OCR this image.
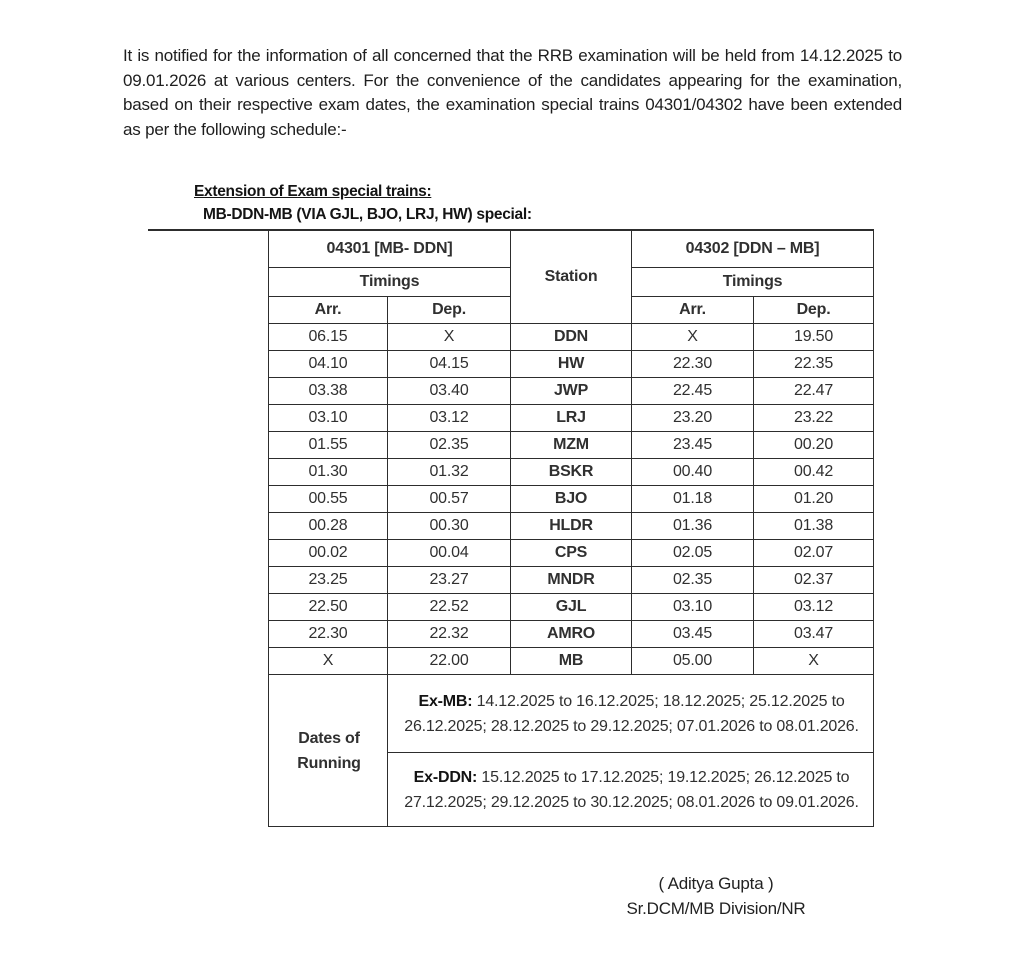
It is notified for the information of all concerned that the RRB examination will be held from 14.12.2025 to 09.01.2026 at various centers. For the convenience of the candidates appearing for the examination, based on their respective exam dates, the examination special trains 04301/04302 have been extended as per the following schedule:-

Extension of Exam special trains:
MB-DDN-MB (VIA GJL, BJO, LRJ, HW) special:
04301 [MB- DDN]		Station	04302 [DDN – MB]	
Timings			Timings	
Arr.	Dep.		Arr.	Dep.
06.15	X	DDN	X	19.50
04.10	04.15	HW	22.30	22.35
03.38	03.40	JWP	22.45	22.47
03.10	03.12	LRJ	23.20	23.22
01.55	02.35	MZM	23.45	00.20
01.30	01.32	BSKR	00.40	00.42
00.55	00.57	BJO	01.18	01.20
00.28	00.30	HLDR	01.36	01.38
00.02	00.04	CPS	02.05	02.07
23.25	23.27	MNDR	02.35	02.37
22.50	22.52	GJL	03.10	03.12
22.30	22.32	AMRO	03.45	03.47
X	22.00	MB	05.00	X
Dates of Running	Ex-MB: 14.12.2025 to 16.12.2025; 18.12.2025; 25.12.2025 to 26.12.2025; 28.12.2025 to 29.12.2025; 07.01.2026 to 08.01.2026.			
	Ex-DDN: 15.12.2025 to 17.12.2025; 19.12.2025; 26.12.2025 to 27.12.2025; 29.12.2025 to 30.12.2025; 08.01.2026 to 09.01.2026.			
( Aditya Gupta )
Sr.DCM/MB Division/NR
